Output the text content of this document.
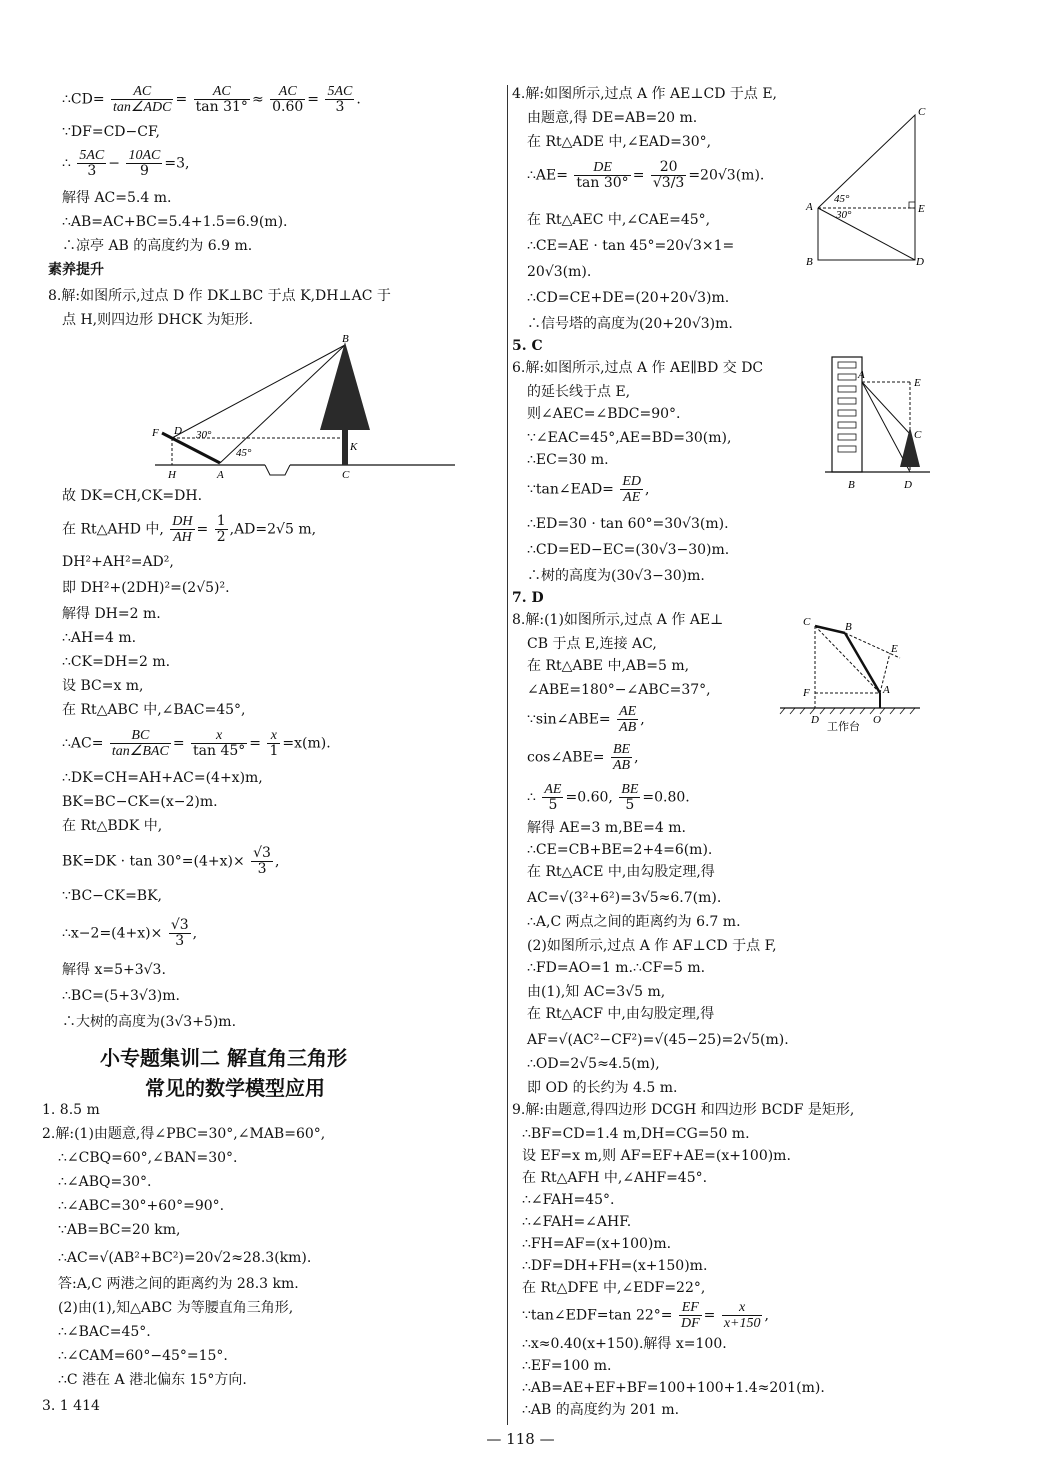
∴CD= $\frac{AC}{\text{tan∠ADC}} = \frac{AC}{\tan 31^\circ} \approx \frac{AC}{0.60} = \frac{5AC}{3}$ .
∵DF=CD−CF,
∴ $\frac{5AC}{3} - \frac{10AC}{9} =3$,
解得 AC=5.4 m.
∴AB=AC+BC=5.4+1.5=6.9(m).
∴凉亭 AB 的高度约为 6.9 m.
素养提升
8.解:如图所示,过点 D 作 DK⊥BC 于点 K,DH⊥AC 于
点 H,则四边形 DHCK 为矩形.
B
F D 30°
45°	K
H	A	C
故 DK=CH,CK=DH.
在 Rt△AHD 中, $\frac{DH}{AH} = \frac{1}{2} ,AD=2√5$ m,
DH²+AH²=AD²,
即 DH²+(2DH)²=(2√5)².
解得 DH=2 m.
∴AH=4 m.
∴CK=DH=2 m.
设 BC=x m,
在 Rt△ABC 中,∠BAC=45°,
∴AC= $\frac{BC}{\text{tan∠BAC}} = \frac{x}{\tan 45^\circ} = \frac{x}{1} =x(m)$.
∴DK=CH=AH+AC=(4+x)m,
BK=BC−CK=(x−2)m.
在 Rt△BDK 中,
$BK=DK \cdot \tan 30^\circ=(4+x)\times \frac{√3}{3}$ ,
∵BC−CK=BK,
∴x−2=(4+x)× $\frac{√3}{3}$ ,
解得 x=5+3√3.
∴BC=(5+3√3)m.
∴大树的高度为(3√3+5)m.
小专题集训二 解直角三角形
常见的数学模型应用
1. 8.5 m
2.解:(1)由题意,得∠PBC=30°,∠MAB=60°,
∴∠CBQ=60°,∠BAN=30°.
∴∠ABQ=30°.
∴∠ABC=30°+60°=90°.
∵AB=BC=20 km,
∴AC=√(AB²+BC²)=20√2≈28.3(km).
答:A,C 两港之间的距离约为 28.3 km.
(2)由(1),知△ABC 为等腰直角三角形,
∴∠BAC=45°.
∴∠CAM=60°−45°=15°.
∴C 港在 A 港北偏东 15°方向.
3. 1 414
4.解:如图所示,过点 A 作 AE⊥CD 于点 E,
由题意,得 DE=AB=20 m.
在 Rt△ADE 中,∠EAD=30°,
∴AE= $\frac{DE}{\tan 30^\circ} = \frac{20}{√3/3} =20√3(m)$.
在 Rt△AEC 中,∠CAE=45°,
∴CE=AE · tan 45°=20√3×1=
20√3(m).
∴CD=CE+DE=(20+20√3)m.
∴信号塔的高度为(20+20√3)m.
C
A
45°
30°	E
B	D
5. C
6.解:如图所示,过点 A 作 AE∥BD 交 DC
的延长线于点 E,
则∠AEC=∠BDC=90°.
∵∠EAC=45°,AE=BD=30(m),
∴EC=30 m.
∵tan∠EAD= $\frac{ED}{AE}$ ,
∴ED=30 · tan 60°=30√3(m).
∴CD=ED−EC=(30√3−30)m.
∴树的高度为(30√3−30)m.
A
E
C
B	D
7. D
8.解:(1)如图所示,过点 A 作 AE⊥
CB 于点 E,连接 AC,
在 Rt△ABE 中,AB=5 m,
∠ABE=180°−∠ABC=37°,
∵sin∠ABE= $\frac{AE}{AB}$ ,
cos∠ABE= $\frac{BE}{AB}$ ,
∴ $\frac{AE}{5} =0.60$, $\frac{BE}{5} =0.80$.
解得 AE=3 m,BE=4 m.
∴CE=CB+BE=2+4=6(m).
在 Rt△ACE 中,由勾股定理,得
AC=√(3²+6²)=3√5≈6.7(m).
∴A,C 两点之间的距离约为 6.7 m.
(2)如图所示,过点 A 作 AF⊥CD 于点 F,
∴FD=AO=1 m.∴CF=5 m.
由(1),知 AC=3√5 m,
在 Rt△ACF 中,由勾股定理,得
AF=√(AC²−CF²)=√(45−25)=2√5(m).
∴OD=2√5≈4.5(m),
即 OD 的长约为 4.5 m.
C	B
E
F	A
D	O
工作台
9.解:由题意,得四边形 DCGH 和四边形 BCDF 是矩形,
∴BF=CD=1.4 m,DH=CG=50 m.
设 EF=x m,则 AF=EF+AE=(x+100)m.
在 Rt△AFH 中,∠AHF=45°.
∴∠FAH=45°.
∴∠FAH=∠AHF.
∴FH=AF=(x+100)m.
∴DF=DH+FH=(x+150)m.
在 Rt△DFE 中,∠EDF=22°,
∵tan∠EDF=tan $22^\circ= \frac{EF}{DF} = \frac{x}{x+150}$ ,
∴x≈0.40(x+150).解得 x=100.
∴EF=100 m.
∴AB=AE+EF+BF=100+100+1.4≈201(m).
∴AB 的高度约为 201 m.
— 118 —
